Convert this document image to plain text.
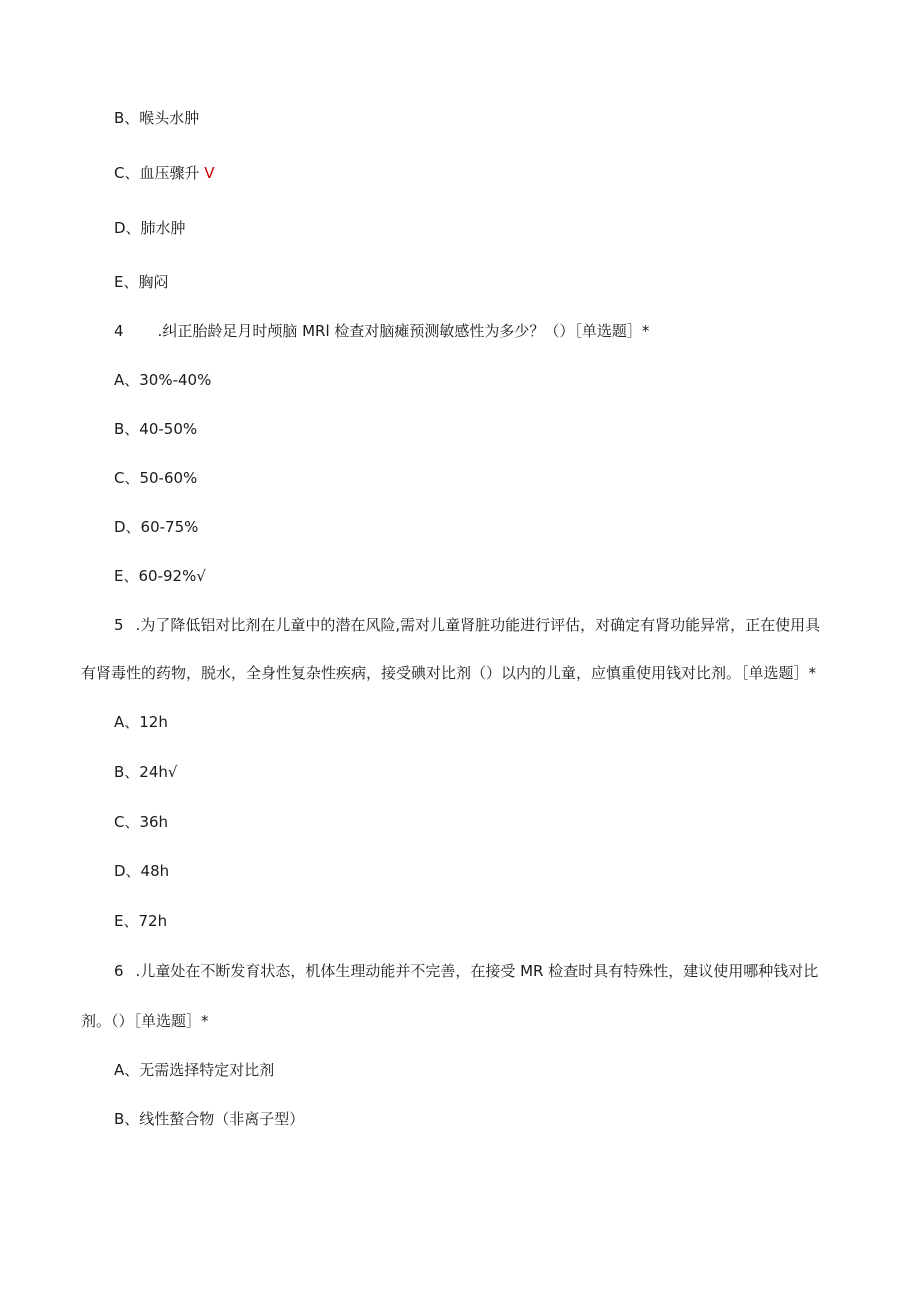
B、喉头水肿
C、血压骤升 V
D、肺水肿
E、胸闷
4 .纠正胎龄足月时颅脑 MRl 检查对脑瘫预测敏感性为多少？（）［单选题］*
A、30%-40%
B、40-50%
C、50-60%
D、60-75%
E、60-92%√
5 .为了降低铝对比剂在儿童中的潜在风险,需对儿童肾脏功能进行评估，对确定有肾功能异常，正在使用具
有肾毒性的药物，脱水，全身性复杂性疾病，接受碘对比剂（）以内的儿童，应慎重使用钱对比剂。［单选题］*
A、12h
B、24h√
C、36h
D、48h
E、72h
6 .儿童处在不断发育状态，机体生理动能并不完善，在接受 MR 检查时具有特殊性，建议使用哪种钱对比
剂。（）［单选题］*
A、无需选择特定对比剂
B、线性螯合物（非离子型）
